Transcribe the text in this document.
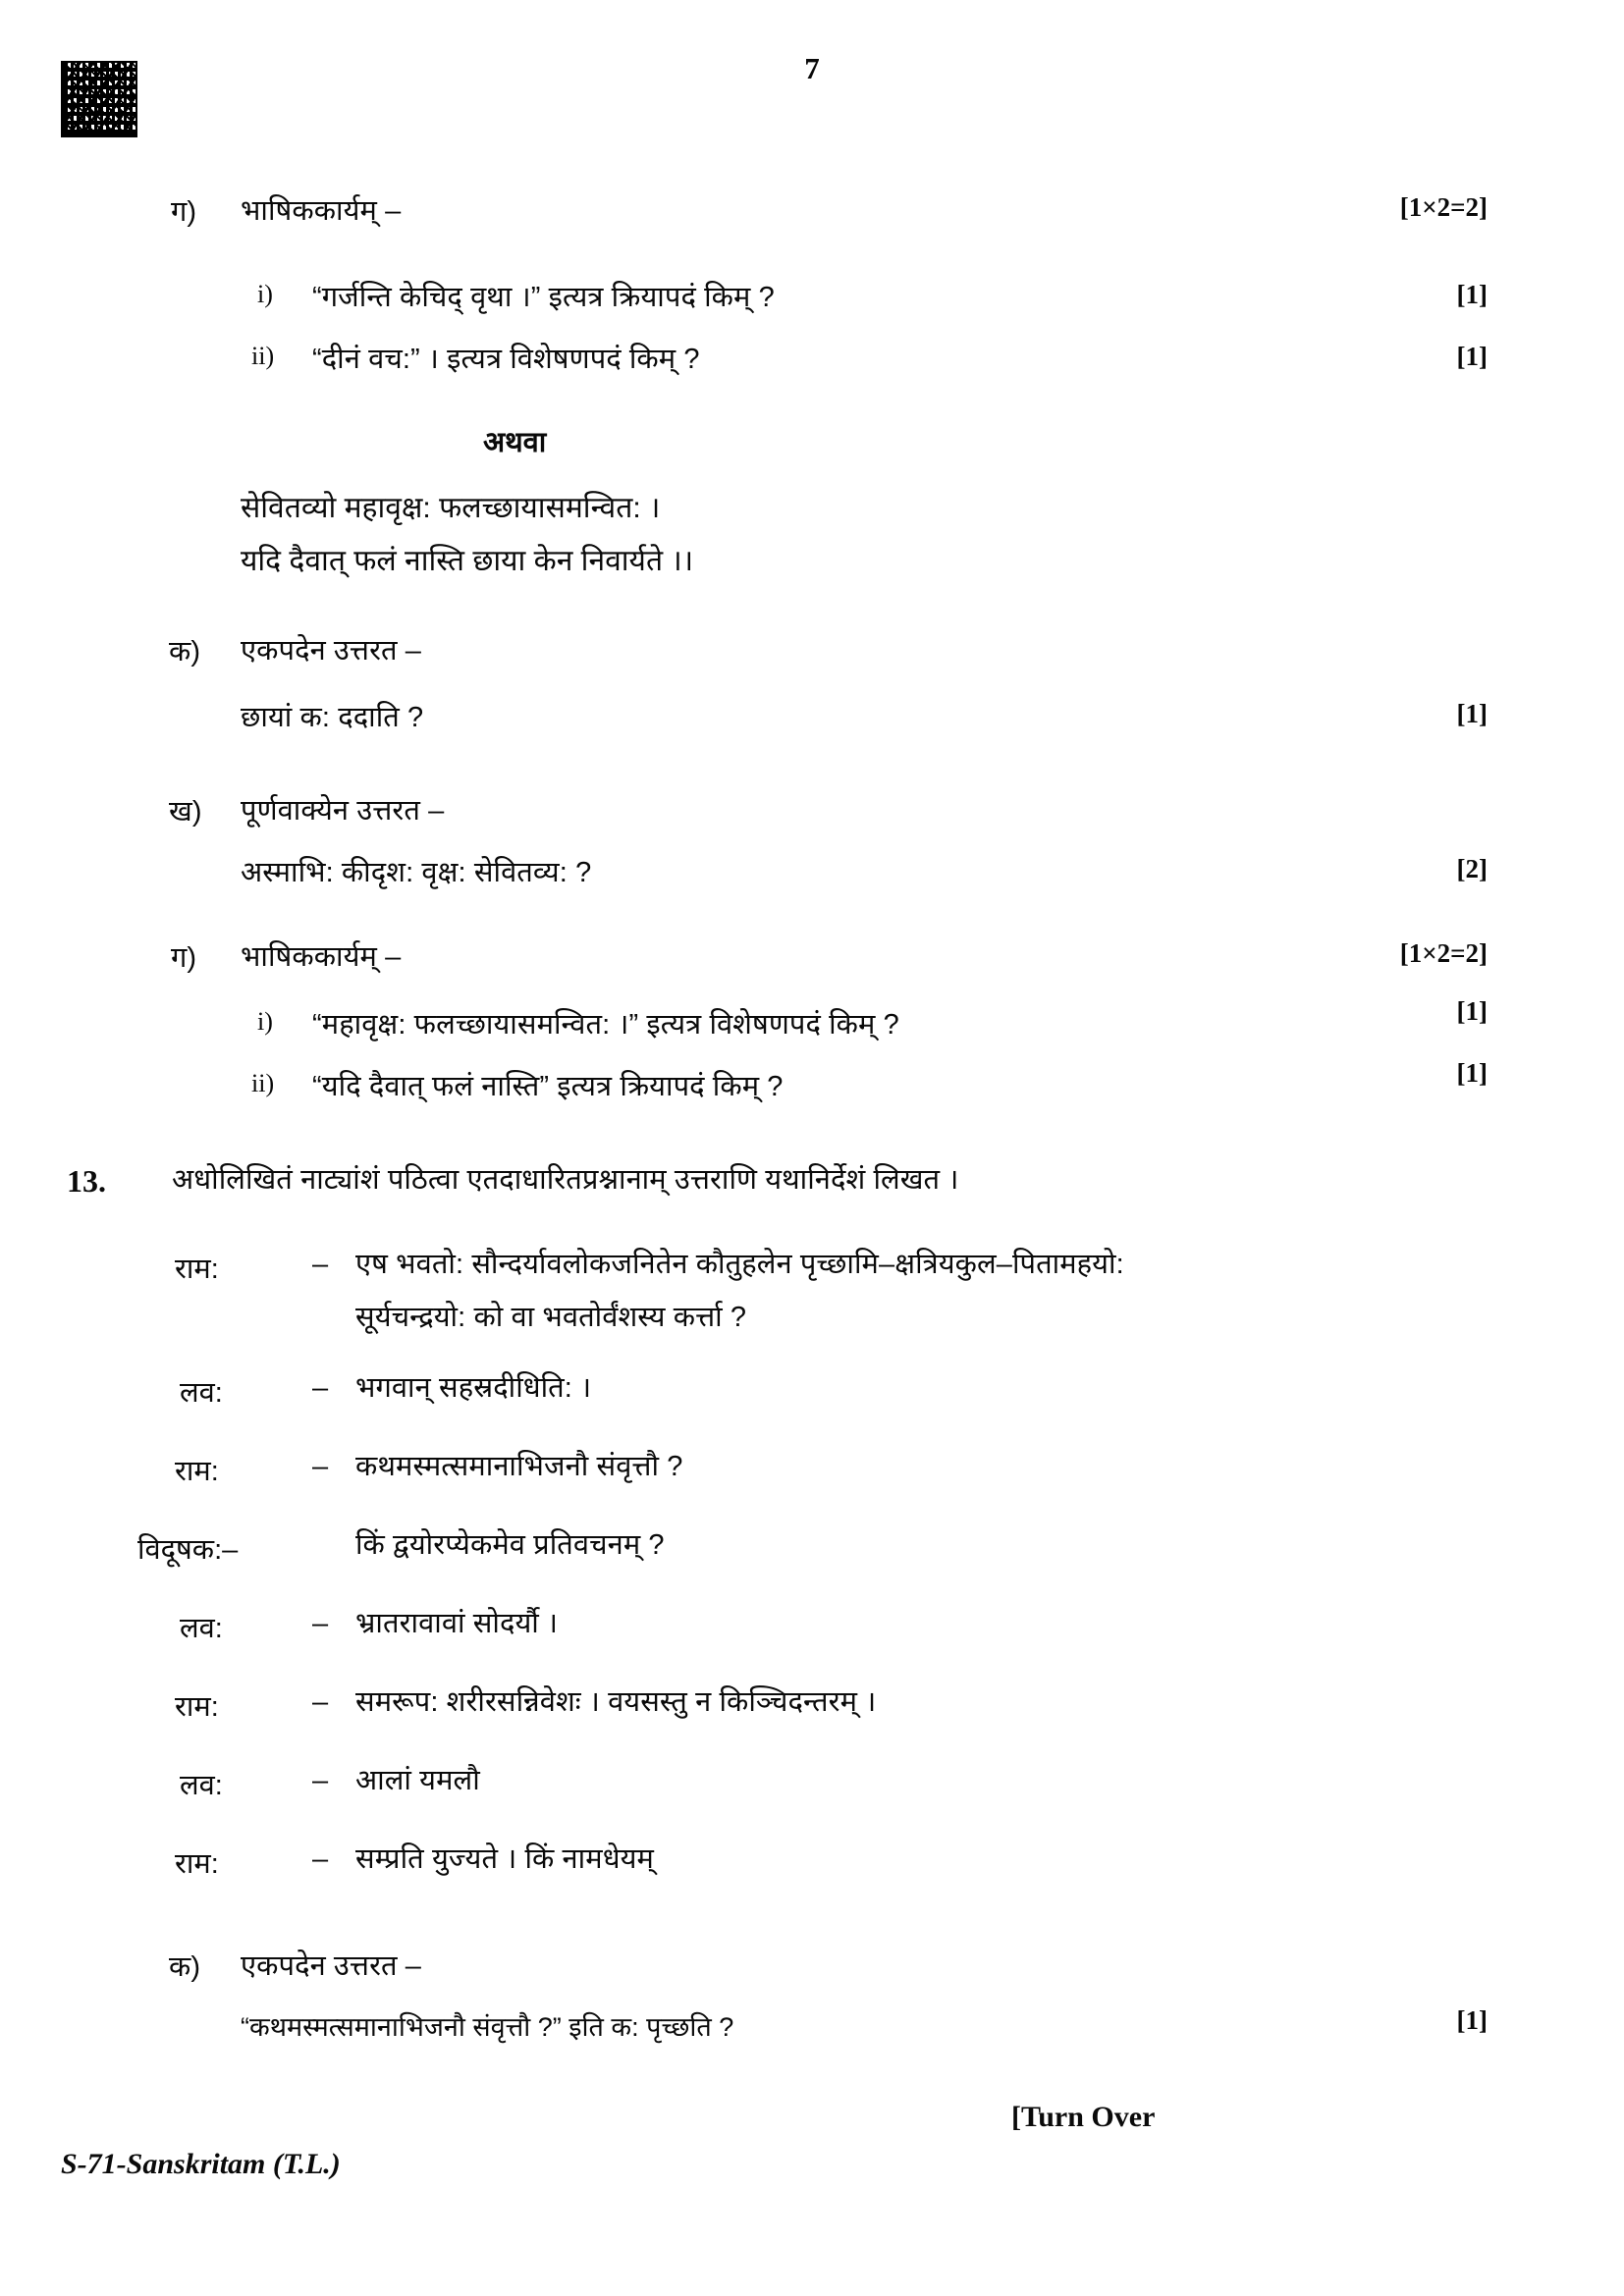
7
ग) भाषिककार्यम् –	[1×2=2]
i) “गर्जन्ति केचिद् वृथा ।” इत्यत्र क्रियापदं किम् ?	[1]
ii) “दीनं वच:” । इत्यत्र विशेषणपदं किम् ?	[1]
अथवा
सेवितव्यो महावृक्ष: फलच्छायासमन्वित: ।
यदि दैवात् फलं नास्ति छाया केन निवार्यते ।।
क) एकपदेन उत्तरत –
छायां क: ददाति ?	[1]
ख) पूर्णवाक्येन उत्तरत –
अस्माभि: कीदृश: वृक्ष: सेवितव्य: ?	[2]
ग) भाषिककार्यम् –	[1×2=2]
i) “महावृक्ष: फलच्छायासमन्वित: ।” इत्यत्र विशेषणपदं किम् ?	[1]
ii) “यदि दैवात् फलं नास्ति” इत्यत्र क्रियापदं किम् ?	[1]
13. अधोलिखितं नाट्यांशं पठित्वा एतदाधारितप्रश्नानाम् उत्तराणि यथानिर्देशं लिखत ।
राम:	– एष भवतो: सौन्दर्यावलोकजनितेन कौतुहलेन पृच्छामि–क्षत्रियकुल–पितामहयो:
सूर्यचन्द्रयो: को वा भवतोर्वंशस्य कर्त्ता ?
लव:	– भगवान् सहस्रदीधिति: ।
राम:	– कथमस्मत्समानाभिजनौ संवृत्तौ ?
विदूषक:–	किं द्वयोरप्येकमेव प्रतिवचनम् ?
लव:	– भ्रातरावावां सोदर्यौ ।
राम:	– समरूप: शरीरसन्निवेशः । वयसस्तु न किञ्चिदन्तरम् ।
लव:	– आलां यमलौ
राम:	– सम्प्रति युज्यते । किं नामधेयम्
क) एकपदेन उत्तरत –
“कथमस्मत्समानाभिजनौ संवृत्तौ ?” इति क: पृच्छति ?	[1]
S-71-Sanskritam (T.L.)
[Turn Over
